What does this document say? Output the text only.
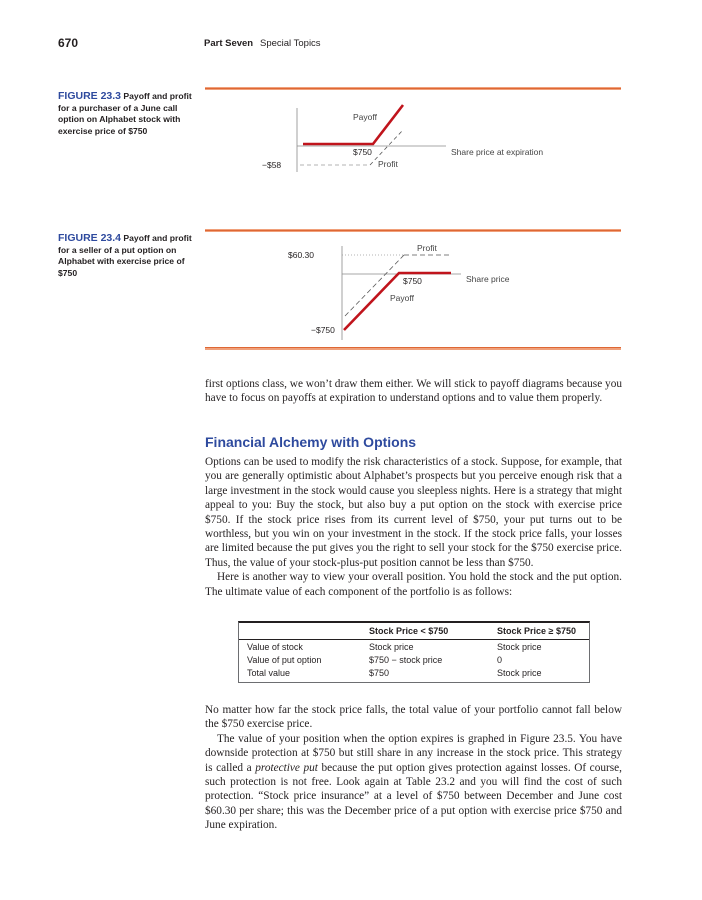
670	Part Seven Special Topics
FIGURE 23.3 Payoff and profit for a purchaser of a June call option on Alphabet stock with exercise price of $750
Payoff
$750
Profit
−$58
Share price at expiration
FIGURE 23.4 Payoff and profit for a seller of a put option on Alphabet with exercise price of $750
$60.30
Profit
$750
Payoff
Share price
−$750

first options class, we won’t draw them either. We will stick to payoff diagrams because you have to focus on payoffs at expiration to understand options and to value them properly.

Financial Alchemy with Options

Options can be used to modify the risk characteristics of a stock. Suppose, for example, that you are generally optimistic about Alphabet’s prospects but you perceive enough risk that a large investment in the stock would cause you sleepless nights. Here is a strategy that might appeal to you: Buy the stock, but also buy a put option on the stock with exercise price $750. If the stock price rises from its current level of $750, your put turns out to be worthless, but you win on your investment in the stock. If the stock price falls, your losses are limited because the put gives you the right to sell your stock for the $750 exercise price. Thus, the value of your stock-plus-put position cannot be less than $750.

Here is another way to view your overall position. You hold the stock and the put option. The ultimate value of each component of the portfolio is as follows:

	Stock Price < $750	Stock Price ≥ $750
Value of stock	Stock price	Stock price
Value of put option	$750 − stock price	0
Total value	$750	Stock price

No matter how far the stock price falls, the total value of your portfolio cannot fall below the $750 exercise price.

The value of your position when the option expires is graphed in Figure 23.5. You have downside protection at $750 but still share in any increase in the stock price. This strategy is called a protective put because the put option gives protection against losses. Of course, such protection is not free. Look again at Table 23.2 and you will find the cost of such protection. “Stock price insurance” at a level of $750 between December and June cost $60.30 per share; this was the December price of a put option with exercise price $750 and June expiration.
